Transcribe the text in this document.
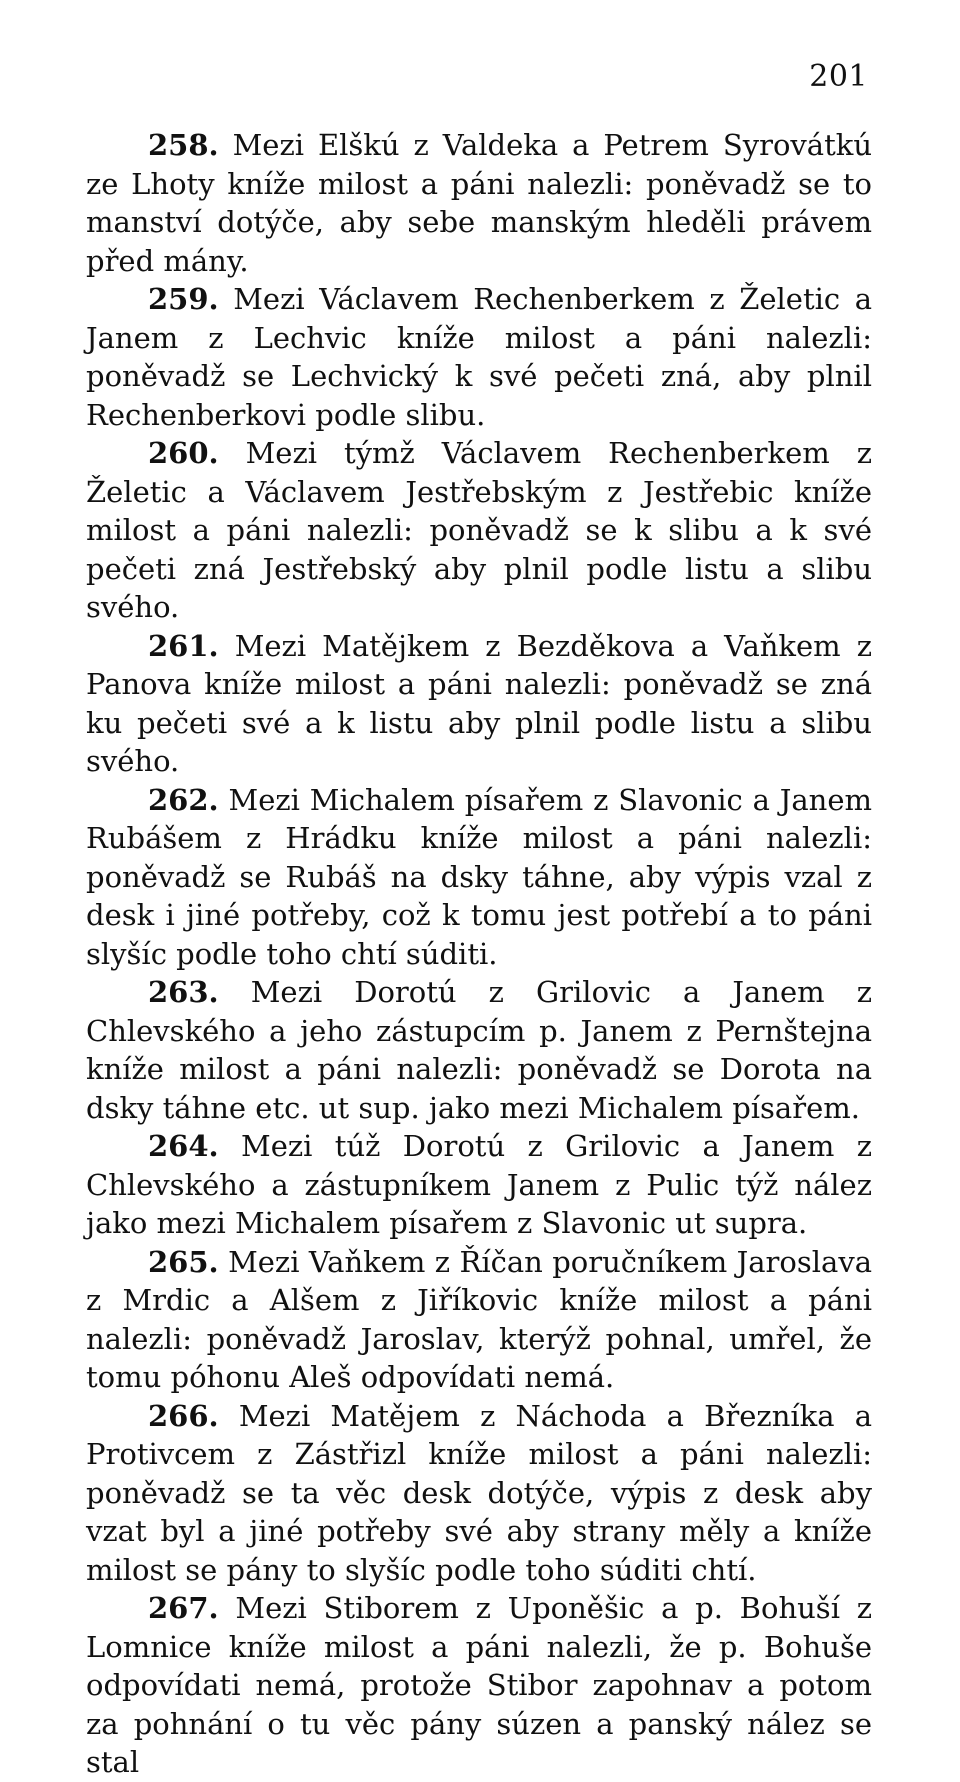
201

258. Mezi Elškú z Valdeka a Petrem Syrovátkú ze Lhoty kníže milost a páni nalezli: poněvadž se to manství dotýče, aby sebe manským hleděli právem před mány.

259. Mezi Václavem Rechenberkem z Želetic a Janem z Lechvic kníže milost a páni nalezli: poněvadž se Lechvický k své pečeti zná, aby plnil Rechenberkovi podle slibu.

260. Mezi týmž Václavem Rechenberkem z Želetic a Václavem Jestřebským z Jestřebic kníže milost a páni nalezli: poněvadž se k slibu a k své pečeti zná Jestřebský aby plnil podle listu a slibu svého.

261. Mezi Matějkem z Bezděkova a Vaňkem z Panova kníže milost a páni nalezli: poněvadž se zná ku pečeti své a k listu aby plnil podle listu a slibu svého.

262. Mezi Michalem písařem z Slavonic a Janem Rubášem z Hrádku kníže milost a páni nalezli: poněvadž se Rubáš na dsky táhne, aby výpis vzal z desk i jiné potřeby, což k tomu jest potřebí a to páni slyšíc podle toho chtí súditi.

263. Mezi Dorotú z Grilovic a Janem z Chlevského a jeho zástupcím p. Janem z Pernštejna kníže milost a páni nalezli: poněvadž se Dorota na dsky táhne etc. ut sup. jako mezi Michalem písařem.

264. Mezi túž Dorotú z Grilovic a Janem z Chlevského a zástupníkem Janem z Pulic týž nález jako mezi Michalem písařem z Slavonic ut supra.

265. Mezi Vaňkem z Říčan poručníkem Jaroslava z Mrdic a Alšem z Jiříkovic kníže milost a páni nalezli: poněvadž Jaroslav, kterýž pohnal, umřel, že tomu póhonu Aleš odpovídati nemá.

266. Mezi Matějem z Náchoda a Březníka a Protivcem z Zástřizl kníže milost a páni nalezli: poněvadž se ta věc desk dotýče, výpis z desk aby vzat byl a jiné potřeby své aby strany měly a kníže milost se pány to slyšíc podle toho súditi chtí.

267. Mezi Stiborem z Uponěšic a p. Bohuší z Lomnice kníže milost a páni nalezli, že p. Bohuše odpovídati nemá, protože Stibor zapohnav a potom za pohnání o tu věc pány súzen a panský nález se stal
